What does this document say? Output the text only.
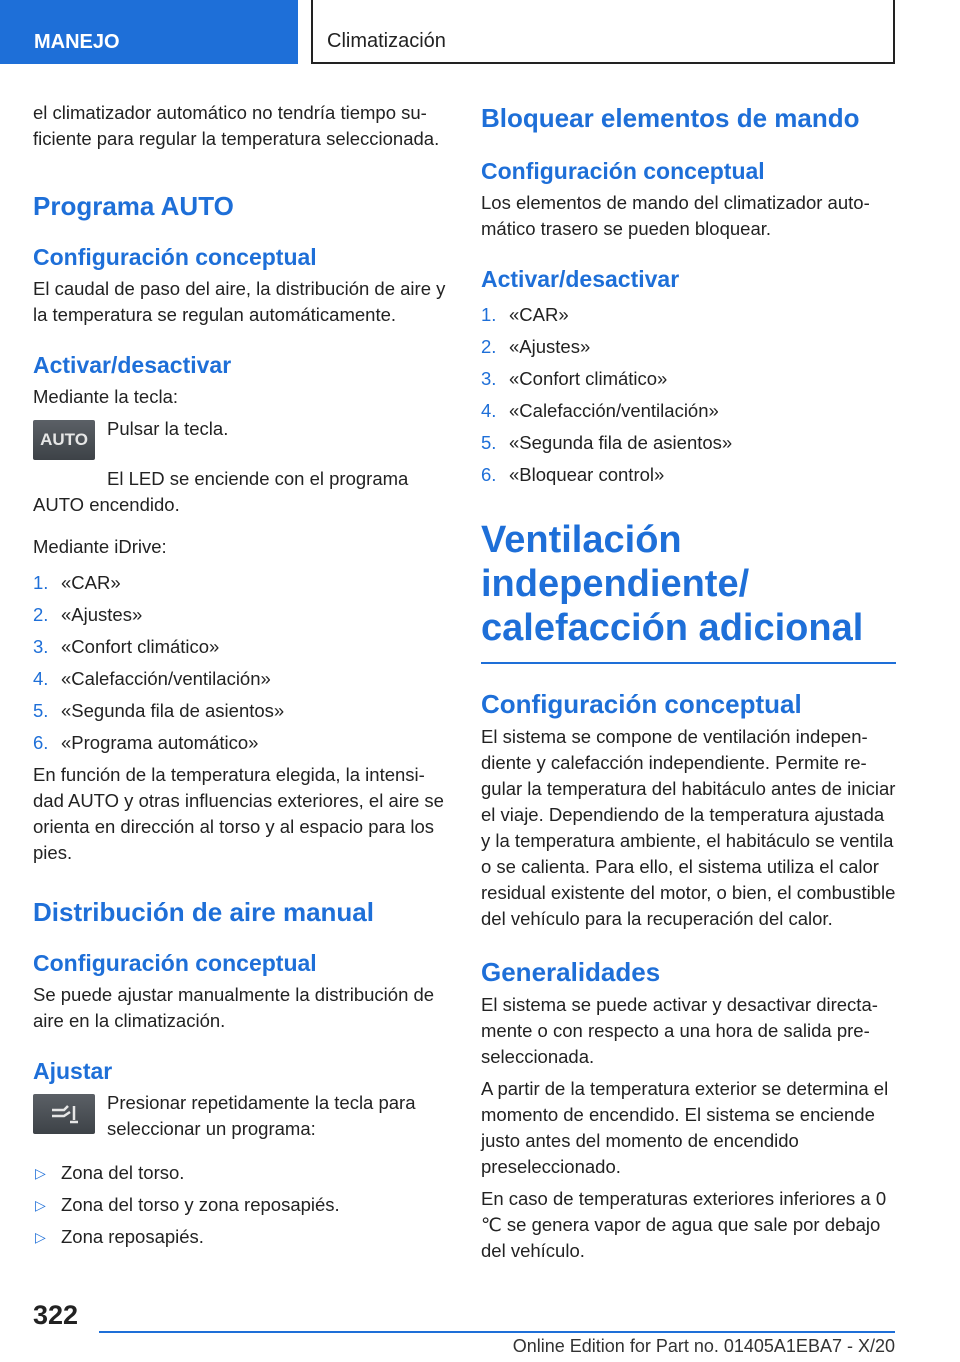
MANEJO	Climatización

el climatizador automático no tendría tiempo suficiente para regular la temperatura seleccionada.

Programa AUTO
Configuración conceptual

El caudal de paso del aire, la distribución de aire y la temperatura se regulan automáticamente.

Activar/desactivar

Mediante la tecla:

AUTO

Pulsar la tecla.

El LED se enciende con el programa AUTO encendido.

Mediante iDrive:

1. «CAR»
2. «Ajustes»
3. «Confort climático»
4. «Calefacción/ventilación»
5. «Segunda fila de asientos»
6. «Programa automático»

En función de la temperatura elegida, la intensidad AUTO y otras influencias exteriores, el aire se orienta en dirección al torso y al espacio para los pies.

Distribución de aire manual
Configuración conceptual

Se puede ajustar manualmente la distribución de aire en la climatización.

Ajustar

Presionar repetidamente la tecla para seleccionar un programa:

▷ Zona del torso.
▷ Zona del torso y zona reposapiés.
▷ Zona reposapiés.
Bloquear elementos de mando
Configuración conceptual

Los elementos de mando del climatizador automático trasero se pueden bloquear.

Activar/desactivar
1. «CAR»
2. «Ajustes»
3. «Confort climático»
4. «Calefacción/ventilación»
5. «Segunda fila de asientos»
6. «Bloquear control»
Ventilación independiente/ calefacción adicional
Configuración conceptual

El sistema se compone de ventilación independiente y calefacción independiente. Permite regular la temperatura del habitáculo antes de iniciar el viaje. Dependiendo de la temperatura ajustada y la temperatura ambiente, el habitáculo se ventila o se calienta. Para ello, el sistema utiliza el calor residual existente del motor, o bien, el combustible del vehículo para la recuperación del calor.

Generalidades

El sistema se puede activar y desactivar directamente o con respecto a una hora de salida preseleccionada.

A partir de la temperatura exterior se determina el momento de encendido. El sistema se enciende justo antes del momento de encendido preseleccionado.

En caso de temperaturas exteriores inferiores a 0 ℃ se genera vapor de agua que sale por debajo del vehículo.

322
Online Edition for Part no. 01405A1EBA7 - X/20
